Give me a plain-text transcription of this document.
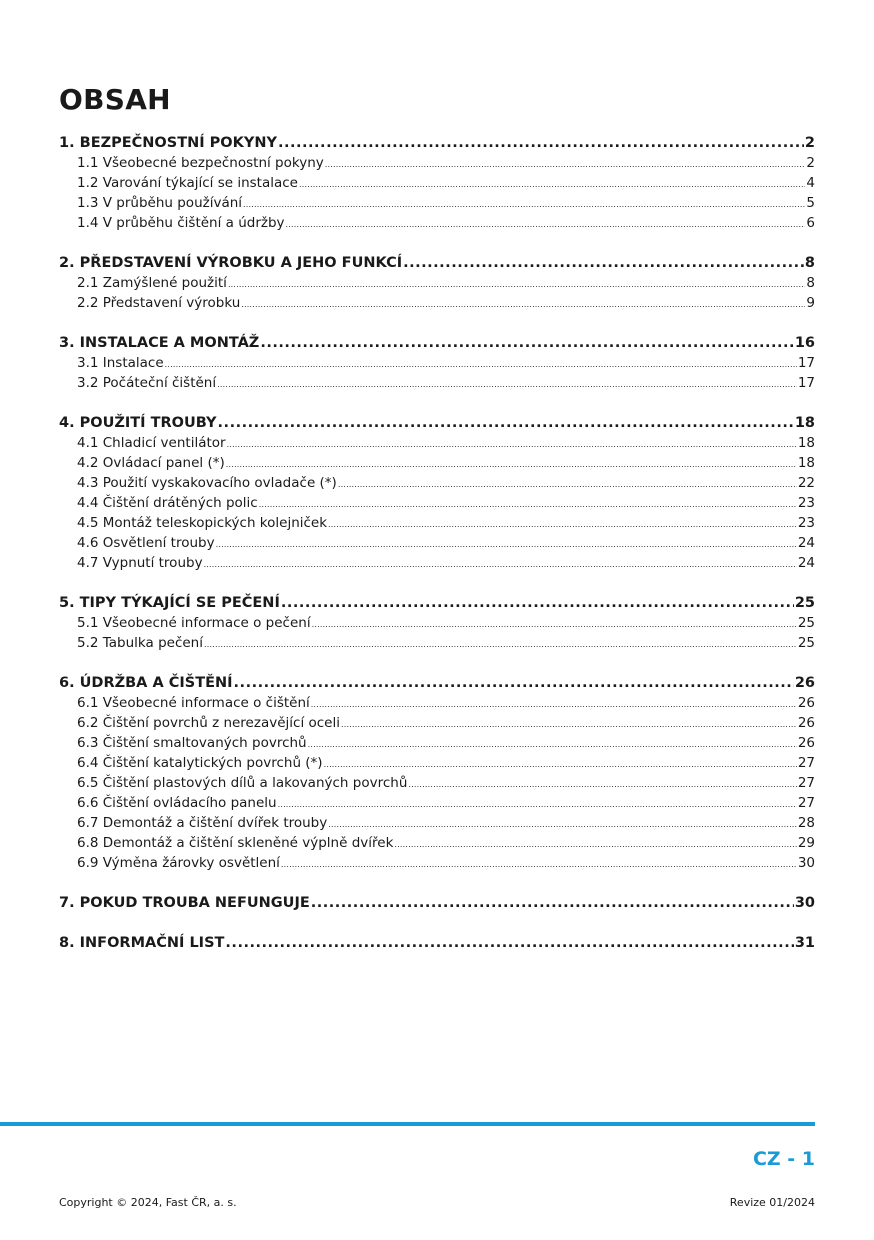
OBSAH
1. BEZPEČNOSTNÍ POKYNY .....	2
1.1 Všeobecné bezpečnostní pokyny .....	2
1.2 Varování týkající se instalace .....	4
1.3 V průběhu používání .....	5
1.4 V průběhu čištění a údržby .....	6
2. PŘEDSTAVENÍ VÝROBKU A JEHO FUNKCÍ .....	8
2.1 Zamýšlené použití .....	8
2.2 Představení výrobku .....	9
3. INSTALACE A MONTÁŽ .....	16
3.1 Instalace .....	17
3.2 Počáteční čištění .....	17
4. POUŽITÍ TROUBY .....	18
4.1 Chladicí ventilátor .....	18
4.2 Ovládací panel (*) .....	18
4.3 Použití vyskakovacího ovladače (*) .....	22
4.4 Čištění drátěných polic .....	23
4.5 Montáž teleskopických kolejniček .....	23
4.6 Osvětlení trouby .....	24
4.7 Vypnutí trouby .....	24
5. TIPY TÝKAJÍCÍ SE PEČENÍ .....	25
5.1 Všeobecné informace o pečení .....	25
5.2 Tabulka pečení .....	25
6. ÚDRŽBA A ČIŠTĚNÍ .....	26
6.1 Všeobecné informace o čištění .....	26
6.2 Čištění povrchů z nerezavějící oceli .....	26
6.3 Čištění smaltovaných povrchů .....	26
6.4 Čištění katalytických povrchů (*) .....	27
6.5 Čištění plastových dílů a lakovaných povrchů .....	27
6.6 Čištění ovládacího panelu .....	27
6.7 Demontáž a čištění dvířek trouby .....	28
6.8 Demontáž a čištění skleněné výplně dvířek .....	29
6.9 Výměna žárovky osvětlení .....	30
7. POKUD TROUBA NEFUNGUJE .....	30
8. INFORMAČNÍ LIST .....	31
CZ - 1
Copyright © 2024, Fast ČR, a. s.	Revize 01/2024
